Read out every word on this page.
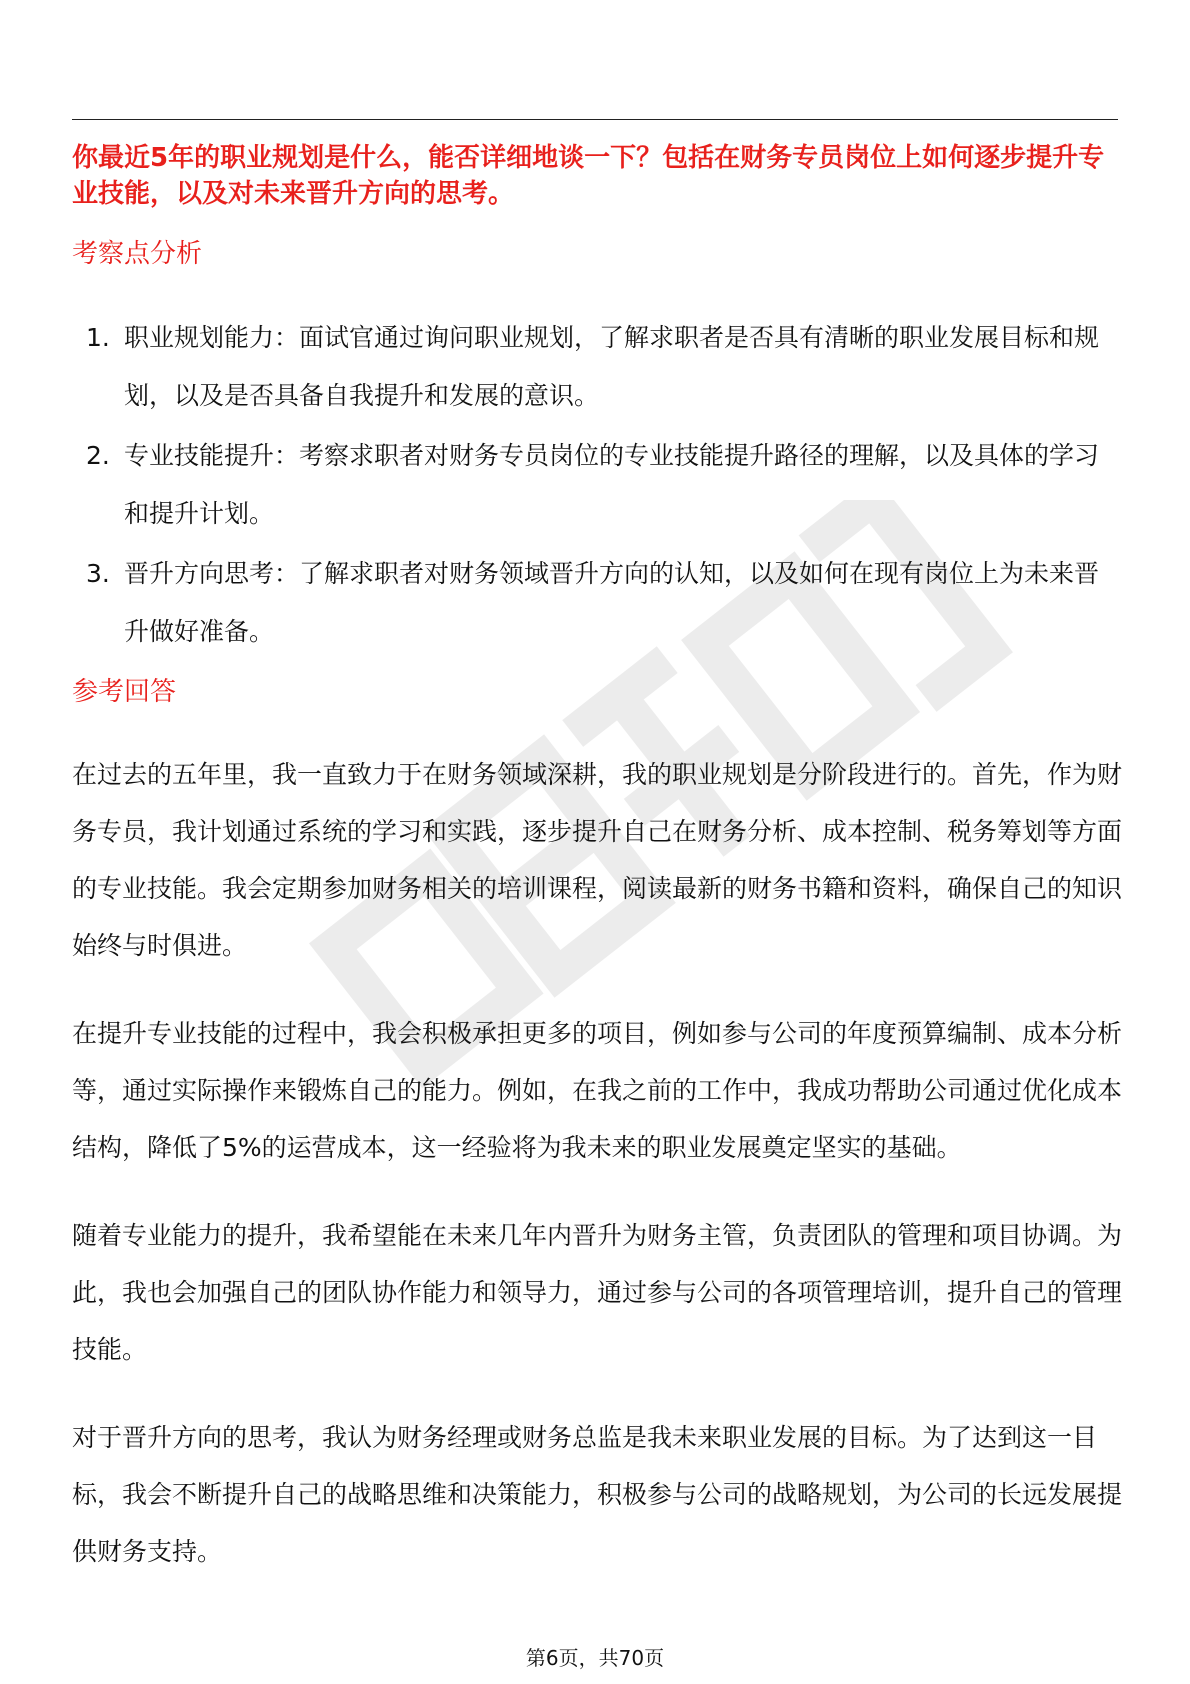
你最近5年的职业规划是什么，能否详细地谈一下？包括在财务专员岗位上如何逐步提升专业技能，以及对未来晋升方向的思考。

考察点分析
1. 职业规划能力：面试官通过询问职业规划，了解求职者是否具有清晰的职业发展目标和规划，以及是否具备自我提升和发展的意识。
2. 专业技能提升：考察求职者对财务专员岗位的专业技能提升路径的理解，以及具体的学习和提升计划。
3. 晋升方向思考：了解求职者对财务领域晋升方向的认知，以及如何在现有岗位上为未来晋升做好准备。
参考回答

在过去的五年里，我一直致力于在财务领域深耕，我的职业规划是分阶段进行的。首先，作为财务专员，我计划通过系统的学习和实践，逐步提升自己在财务分析、成本控制、税务筹划等方面的专业技能。我会定期参加财务相关的培训课程，阅读最新的财务书籍和资料，确保自己的知识始终与时俱进。

在提升专业技能的过程中，我会积极承担更多的项目，例如参与公司的年度预算编制、成本分析等，通过实际操作来锻炼自己的能力。例如，在我之前的工作中，我成功帮助公司通过优化成本结构，降低了5%的运营成本，这一经验将为我未来的职业发展奠定坚实的基础。

随着专业能力的提升，我希望能在未来几年内晋升为财务主管，负责团队的管理和项目协调。为此，我也会加强自己的团队协作能力和领导力，通过参与公司的各项管理培训，提升自己的管理技能。

对于晋升方向的思考，我认为财务经理或财务总监是我未来职业发展的目标。为了达到这一目标，我会不断提升自己的战略思维和决策能力，积极参与公司的战略规划，为公司的长远发展提供财务支持。

第6页，共70页
